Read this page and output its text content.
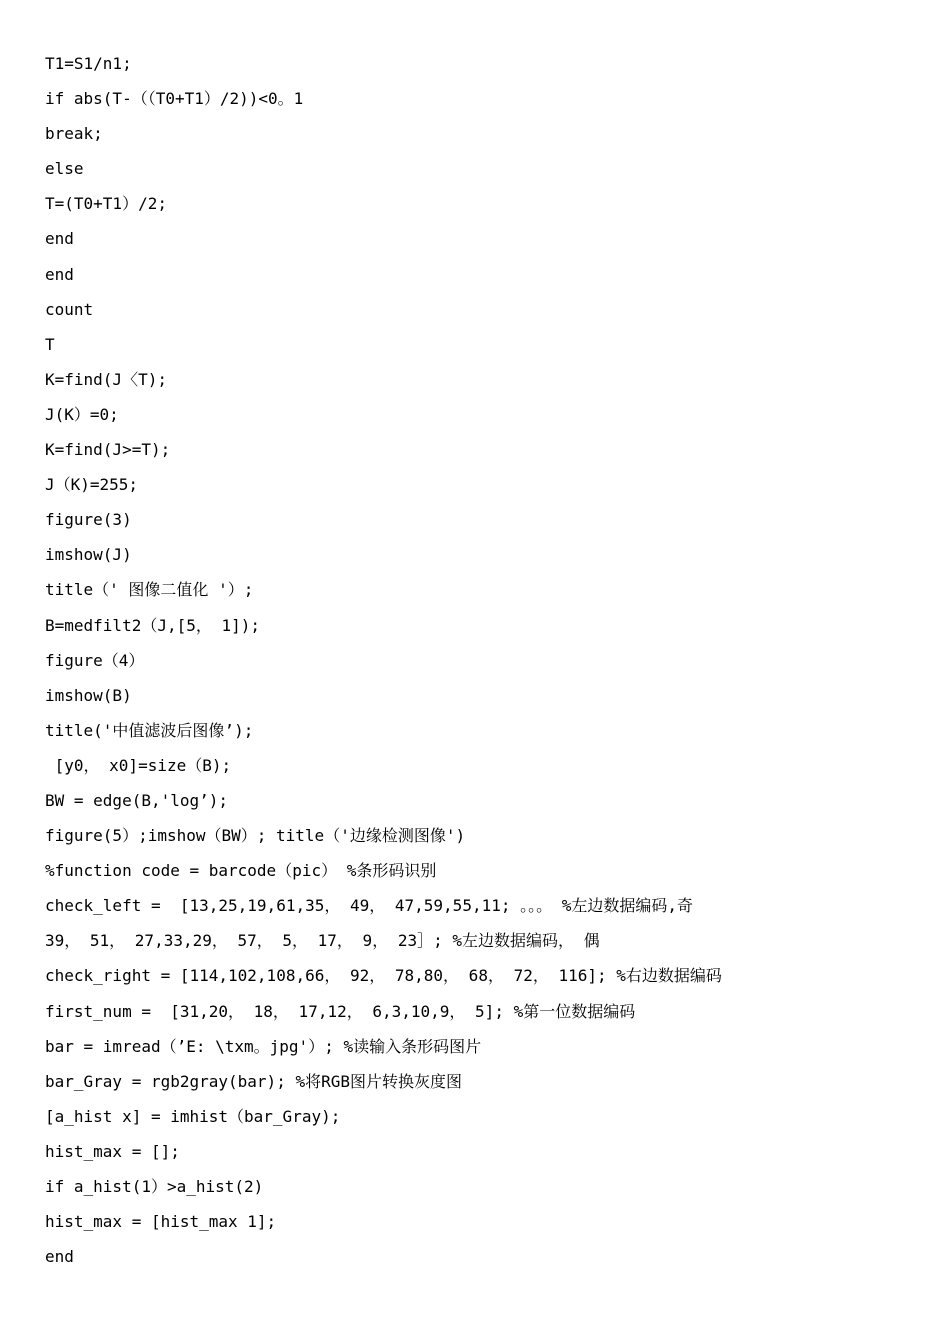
T1=S1/n1;
if abs(T-（（T0+T1）/2))<0。1
break;
else
T=(T0+T1）/2;
end
end
count
T
K=find(J〈T);
J(K）=0;
K=find(J>=T);
J（K)=255;
figure(3)
imshow(J)
title（' 图像二值化 '）;
B=medfilt2（J,[5， 1]);
figure（4）
imshow(B)
title('中值滤波后图像’);
[y0， x0]=size（B);
BW = edge(B,'log’);
figure(5）;imshow（BW）; title（'边缘检测图像')
%function code = barcode（pic） %条形码识别
check_left =  [13,25,19,61,35， 49， 47,59,55,11; 。。。 %左边数据编码,奇
39， 51， 27,33,29， 57， 5， 17， 9， 23］; %左边数据编码， 偶
check_right = [114,102,108,66， 92， 78,80， 68， 72， 116]; %右边数据编码
first_num =  [31,20， 18， 17,12， 6,3,10,9， 5]; %第一位数据编码
bar = imread（’E: \txm。jpg'）; %读输入条形码图片
bar_Gray = rgb2gray(bar); %将RGB图片转换灰度图
[a_hist x] = imhist（bar_Gray);
hist_max = [];
if a_hist(1）>a_hist(2)
hist_max = [hist_max 1];
end
